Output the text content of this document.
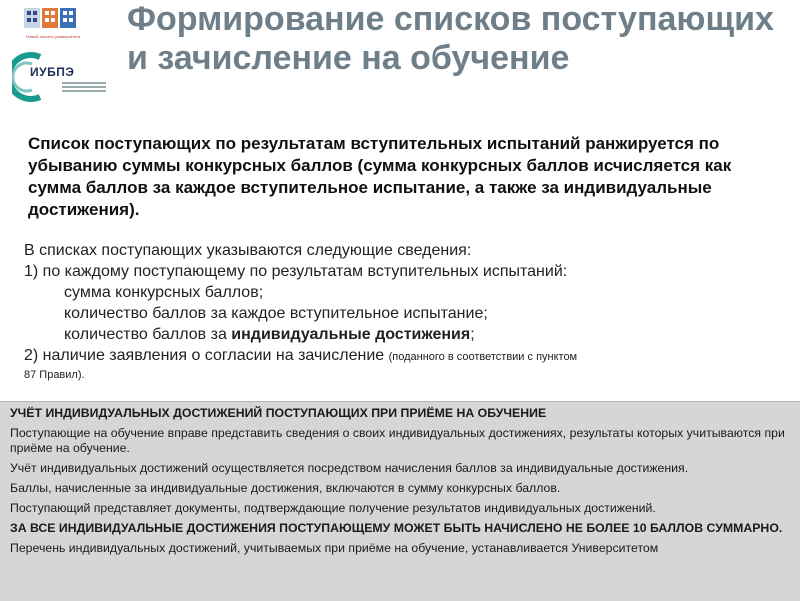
Новый логотип университета
ИУБПЭ
Формирование списков поступающих и зачисление на обучение

Список поступающих по результатам вступительных испытаний ранжируется по убыванию суммы конкурсных баллов (сумма конкурсных баллов исчисляется как сумма баллов за каждое вступительное испытание, а также за индивидуальные достижения).

В списках поступающих указываются следующие сведения:
1) по каждому поступающему по результатам вступительных испытаний:
сумма конкурсных баллов;
количество баллов за каждое вступительное испытание;
количество баллов за индивидуальные достижения;
2) наличие заявления о согласии на зачисление (поданного в соответствии с пунктом
87 Правил).

УЧЁТ ИНДИВИДУАЛЬНЫХ ДОСТИЖЕНИЙ ПОСТУПАЮЩИХ ПРИ ПРИЁМЕ НА ОБУЧЕНИЕ

Поступающие на обучение вправе представить сведения о своих индивидуальных достижениях, результаты которых учитываются при приёме на обучение.

Учёт индивидуальных достижений осуществляется посредством начисления баллов за индивидуальные достижения.

Баллы, начисленные за индивидуальные достижения, включаются в сумму конкурсных баллов.

Поступающий представляет документы, подтверждающие получение результатов индивидуальных достижений.

ЗА ВСЕ ИНДИВИДУАЛЬНЫЕ ДОСТИЖЕНИЯ ПОСТУПАЮЩЕМУ МОЖЕТ БЫТЬ НАЧИСЛЕНО НЕ БОЛЕЕ 10 БАЛЛОВ СУММАРНО.

Перечень индивидуальных достижений, учитываемых при приёме на обучение, устанавливается Университетом
